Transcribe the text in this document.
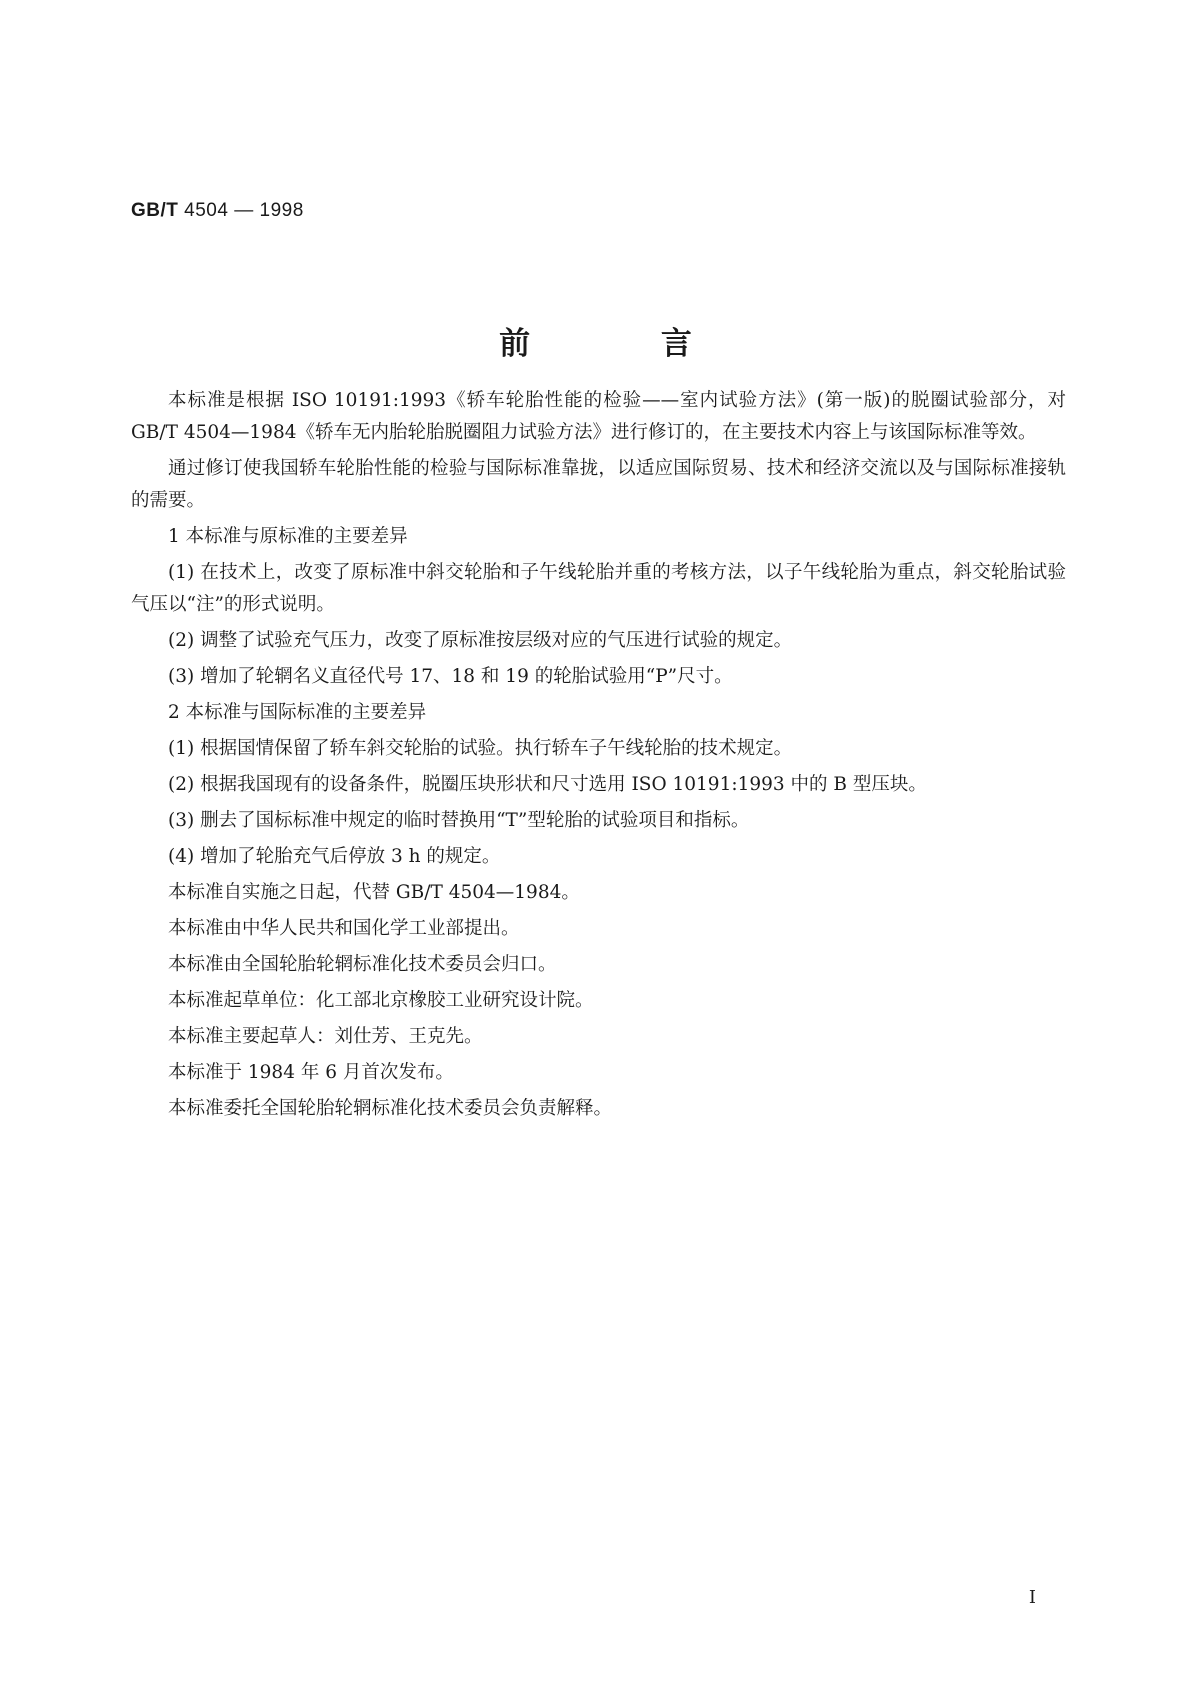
GB/T 4504 — 1998
前 言

本标准是根据 ISO 10191:1993《轿车轮胎性能的检验——室内试验方法》(第一版)的脱圈试验部分，对 GB/T 4504—1984《轿车无内胎轮胎脱圈阻力试验方法》进行修订的，在主要技术内容上与该国际标准等效。

通过修订使我国轿车轮胎性能的检验与国际标准靠拢，以适应国际贸易、技术和经济交流以及与国际标准接轨的需要。

1 本标准与原标准的主要差异

(1) 在技术上，改变了原标准中斜交轮胎和子午线轮胎并重的考核方法，以子午线轮胎为重点，斜交轮胎试验气压以“注”的形式说明。

(2) 调整了试验充气压力，改变了原标准按层级对应的气压进行试验的规定。

(3) 增加了轮辋名义直径代号 17、18 和 19 的轮胎试验用“P”尺寸。

2 本标准与国际标准的主要差异

(1) 根据国情保留了轿车斜交轮胎的试验。执行轿车子午线轮胎的技术规定。

(2) 根据我国现有的设备条件，脱圈压块形状和尺寸选用 ISO 10191:1993 中的 B 型压块。

(3) 删去了国标标准中规定的临时替换用“T”型轮胎的试验项目和指标。

(4) 增加了轮胎充气后停放 3 h 的规定。

本标准自实施之日起，代替 GB/T 4504—1984。

本标准由中华人民共和国化学工业部提出。

本标准由全国轮胎轮辋标准化技术委员会归口。

本标准起草单位：化工部北京橡胶工业研究设计院。

本标准主要起草人：刘仕芳、王克先。

本标准于 1984 年 6 月首次发布。

本标准委托全国轮胎轮辋标准化技术委员会负责解释。

I
